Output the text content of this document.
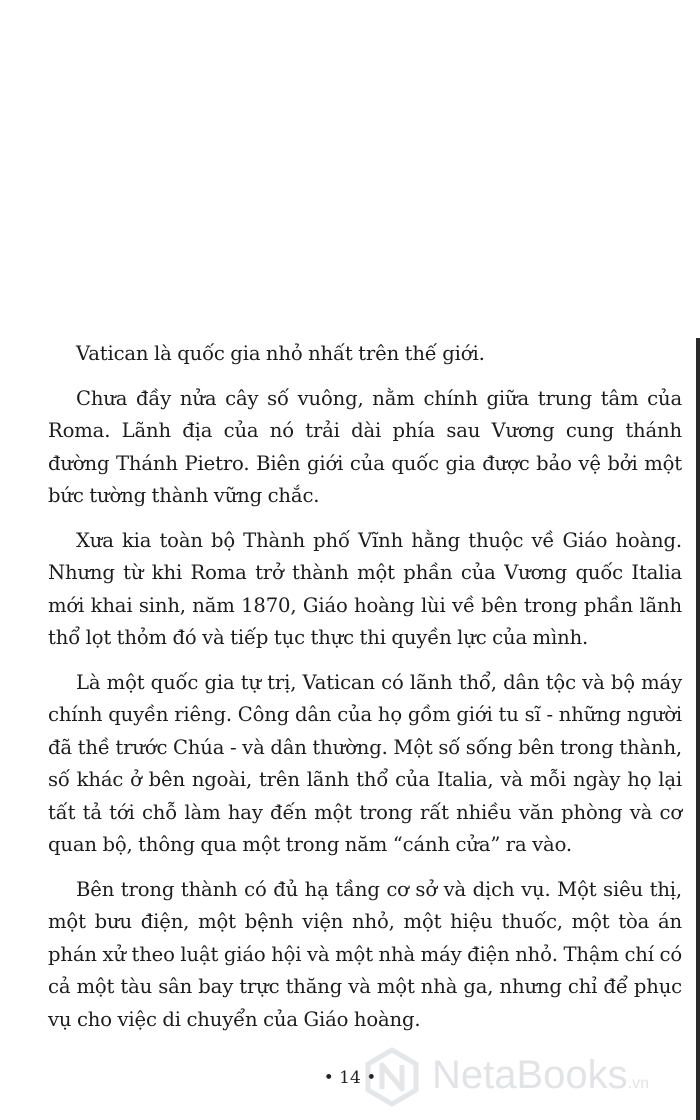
Vatican là quốc gia nhỏ nhất trên thế giới.

Chưa đầy nửa cây số vuông, nằm chính giữa trung tâm của Roma. Lãnh địa của nó trải dài phía sau Vương cung thánh đường Thánh Pietro. Biên giới của quốc gia được bảo vệ bởi một bức tường thành vững chắc.

Xưa kia toàn bộ Thành phố Vĩnh hằng thuộc về Giáo hoàng. Nhưng từ khi Roma trở thành một phần của Vương quốc Italia mới khai sinh, năm 1870, Giáo hoàng lùi về bên trong phần lãnh thổ lọt thỏm đó và tiếp tục thực thi quyền lực của mình.

Là một quốc gia tự trị, Vatican có lãnh thổ, dân tộc và bộ máy chính quyền riêng. Công dân của họ gồm giới tu sĩ - những người đã thề trước Chúa - và dân thường. Một số sống bên trong thành, số khác ở bên ngoài, trên lãnh thổ của Italia, và mỗi ngày họ lại tất tả tới chỗ làm hay đến một trong rất nhiều văn phòng và cơ quan bộ, thông qua một trong năm “cánh cửa” ra vào.

Bên trong thành có đủ hạ tầng cơ sở và dịch vụ. Một siêu thị, một bưu điện, một bệnh viện nhỏ, một hiệu thuốc, một tòa án phán xử theo luật giáo hội và một nhà máy điện nhỏ. Thậm chí có cả một tàu sân bay trực thăng và một nhà ga, nhưng chỉ để phục vụ cho việc di chuyển của Giáo hoàng.

• 14 •	NetaBooks.vn
